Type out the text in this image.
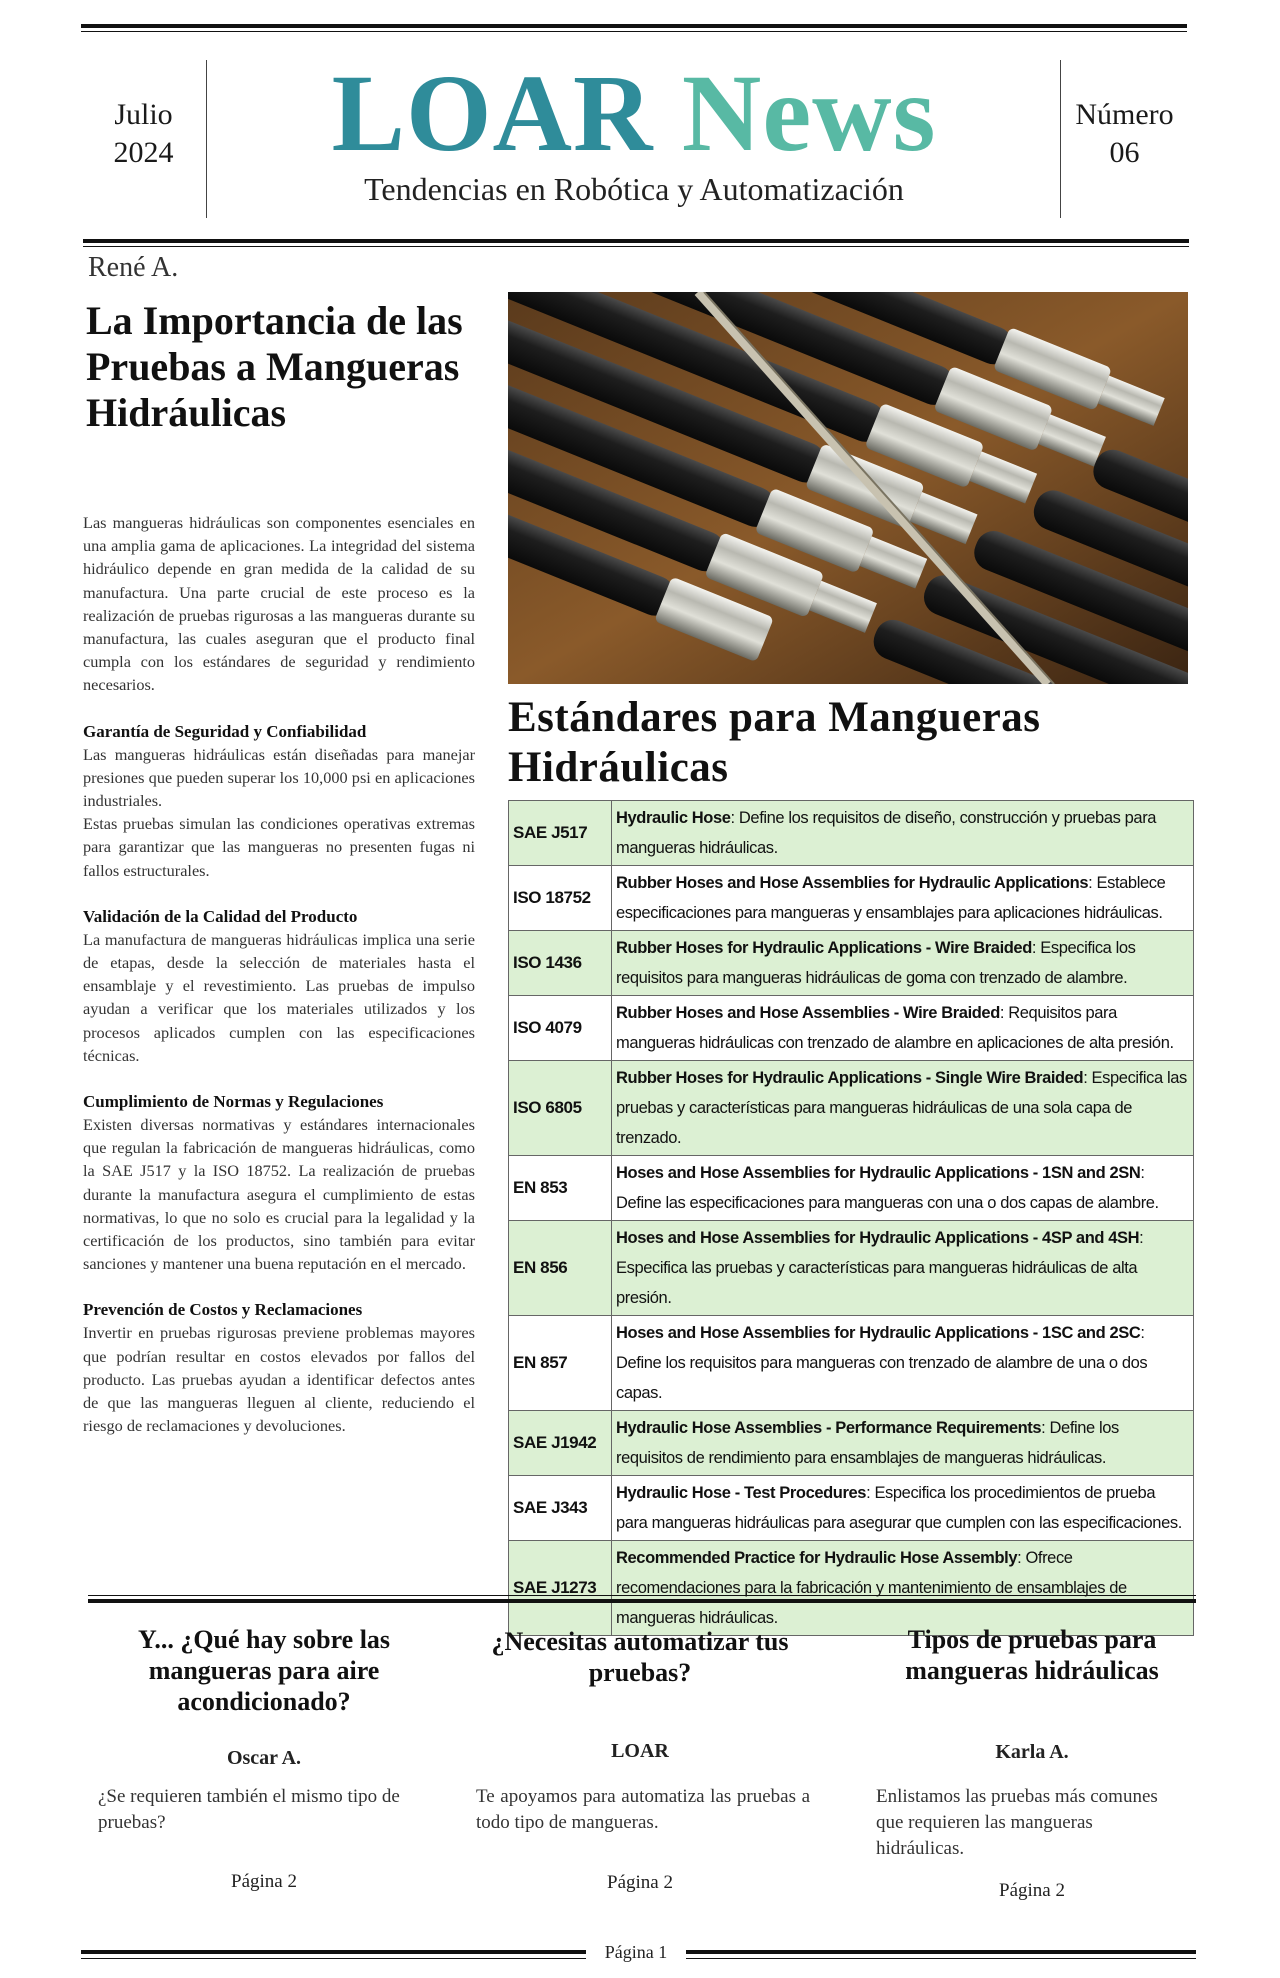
Julio
2024	LOAR News
Tendencias en Robótica y Automatización
Número
06
René A.
La Importancia de las Pruebas a Mangueras Hidráulicas

Las mangueras hidráulicas son componentes esenciales en una amplia gama de aplicaciones. La integridad del sistema hidráulico depende en gran medida de la calidad de su manufactura. Una parte crucial de este proceso es la realización de pruebas rigurosas a las mangueras durante su manufactura, las cuales aseguran que el producto final cumpla con los estándares de seguridad y rendimiento necesarios.

Garantía de Seguridad y Confiabilidad

Las mangueras hidráulicas están diseñadas para manejar presiones que pueden superar los 10,000 psi en aplicaciones industriales.

Estas pruebas simulan las condiciones operativas extremas para garantizar que las mangueras no presenten fugas ni fallos estructurales.

Validación de la Calidad del Producto

La manufactura de mangueras hidráulicas implica una serie de etapas, desde la selección de materiales hasta el ensamblaje y el revestimiento. Las pruebas de impulso ayudan a verificar que los materiales utilizados y los procesos aplicados cumplen con las especificaciones técnicas.

Cumplimiento de Normas y Regulaciones

Existen diversas normativas y estándares internacionales que regulan la fabricación de mangueras hidráulicas, como la SAE J517 y la ISO 18752. La realización de pruebas durante la manufactura asegura el cumplimiento de estas normativas, lo que no solo es crucial para la legalidad y la certificación de los productos, sino también para evitar sanciones y mantener una buena reputación en el mercado.

Prevención de Costos y Reclamaciones

Invertir en pruebas rigurosas previene problemas mayores que podrían resultar en costos elevados por fallos del producto. Las pruebas ayudan a identificar defectos antes de que las mangueras lleguen al cliente, reduciendo el riesgo de reclamaciones y devoluciones.

Estándares para Mangueras Hidráulicas
SAE J517	Hydraulic Hose: Define los requisitos de diseño, construcción y pruebas para mangueras hidráulicas.
ISO 18752	Rubber Hoses and Hose Assemblies for Hydraulic Applications: Establece especificaciones para mangueras y ensamblajes para aplicaciones hidráulicas.
ISO 1436	Rubber Hoses for Hydraulic Applications - Wire Braided: Especifica los requisitos para mangueras hidráulicas de goma con trenzado de alambre.
ISO 4079	Rubber Hoses and Hose Assemblies - Wire Braided: Requisitos para mangueras hidráulicas con trenzado de alambre en aplicaciones de alta presión.
ISO 6805	Rubber Hoses for Hydraulic Applications - Single Wire Braided: Especifica las pruebas y características para mangueras hidráulicas de una sola capa de trenzado.
EN 853	Hoses and Hose Assemblies for Hydraulic Applications - 1SN and 2SN: Define las especificaciones para mangueras con una o dos capas de alambre.
EN 856	Hoses and Hose Assemblies for Hydraulic Applications - 4SP and 4SH: Especifica las pruebas y características para mangueras hidráulicas de alta presión.
EN 857	Hoses and Hose Assemblies for Hydraulic Applications - 1SC and 2SC: Define los requisitos para mangueras con trenzado de alambre de una o dos capas.
SAE J1942	Hydraulic Hose Assemblies - Performance Requirements: Define los requisitos de rendimiento para ensamblajes de mangueras hidráulicas.
SAE J343	Hydraulic Hose - Test Procedures: Especifica los procedimientos de prueba para mangueras hidráulicas para asegurar que cumplen con las especificaciones.
SAE J1273	Recommended Practice for Hydraulic Hose Assembly: Ofrece recomendaciones para la fabricación y mantenimiento de ensamblajes de mangueras hidráulicas.
Y... ¿Qué hay sobre las mangueras para aire acondicionado?
Oscar A.
¿Se requieren también el mismo tipo de pruebas?
Página 2
¿Necesitas automatizar tus pruebas?
LOAR
Te apoyamos para automatiza las pruebas a todo tipo de mangueras.
Página 2
Tipos de pruebas para mangueras hidráulicas
Karla A.
Enlistamos las pruebas más comunes que requieren las mangueras hidráulicas.
Página 2
Página 1
